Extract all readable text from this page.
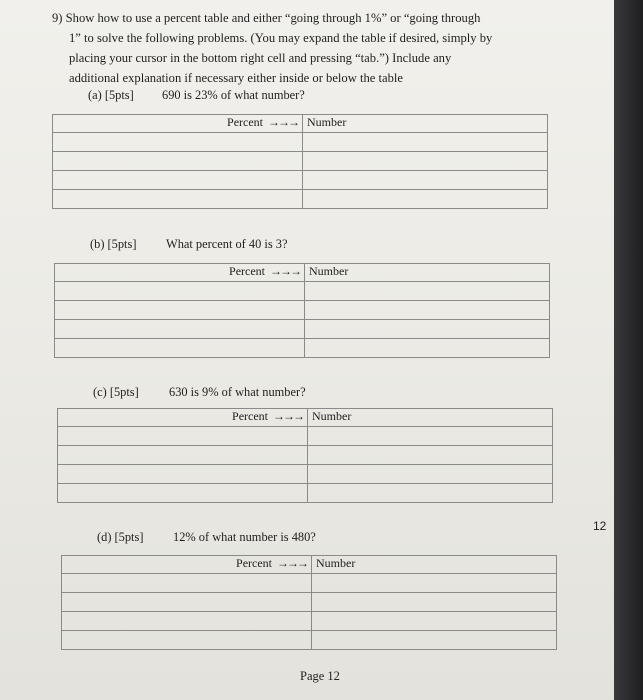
9) Show how to use a percent table and either “going through 1%” or “going through
1” to solve the following problems. (You may expand the table if desired, simply by
placing your cursor in the bottom right cell and pressing “tab.”) Include any
additional explanation if necessary either inside or below the table
(a) [5pts] 690 is 23% of what number?
Percent →→→	Number

(b) [5pts] What percent of 40 is 3?
Percent →→→	Number

(c) [5pts] 630 is 9% of what number?
Percent →→→	Number

12
(d) [5pts] 12% of what number is 480?
Percent →→→	Number

Page 12
